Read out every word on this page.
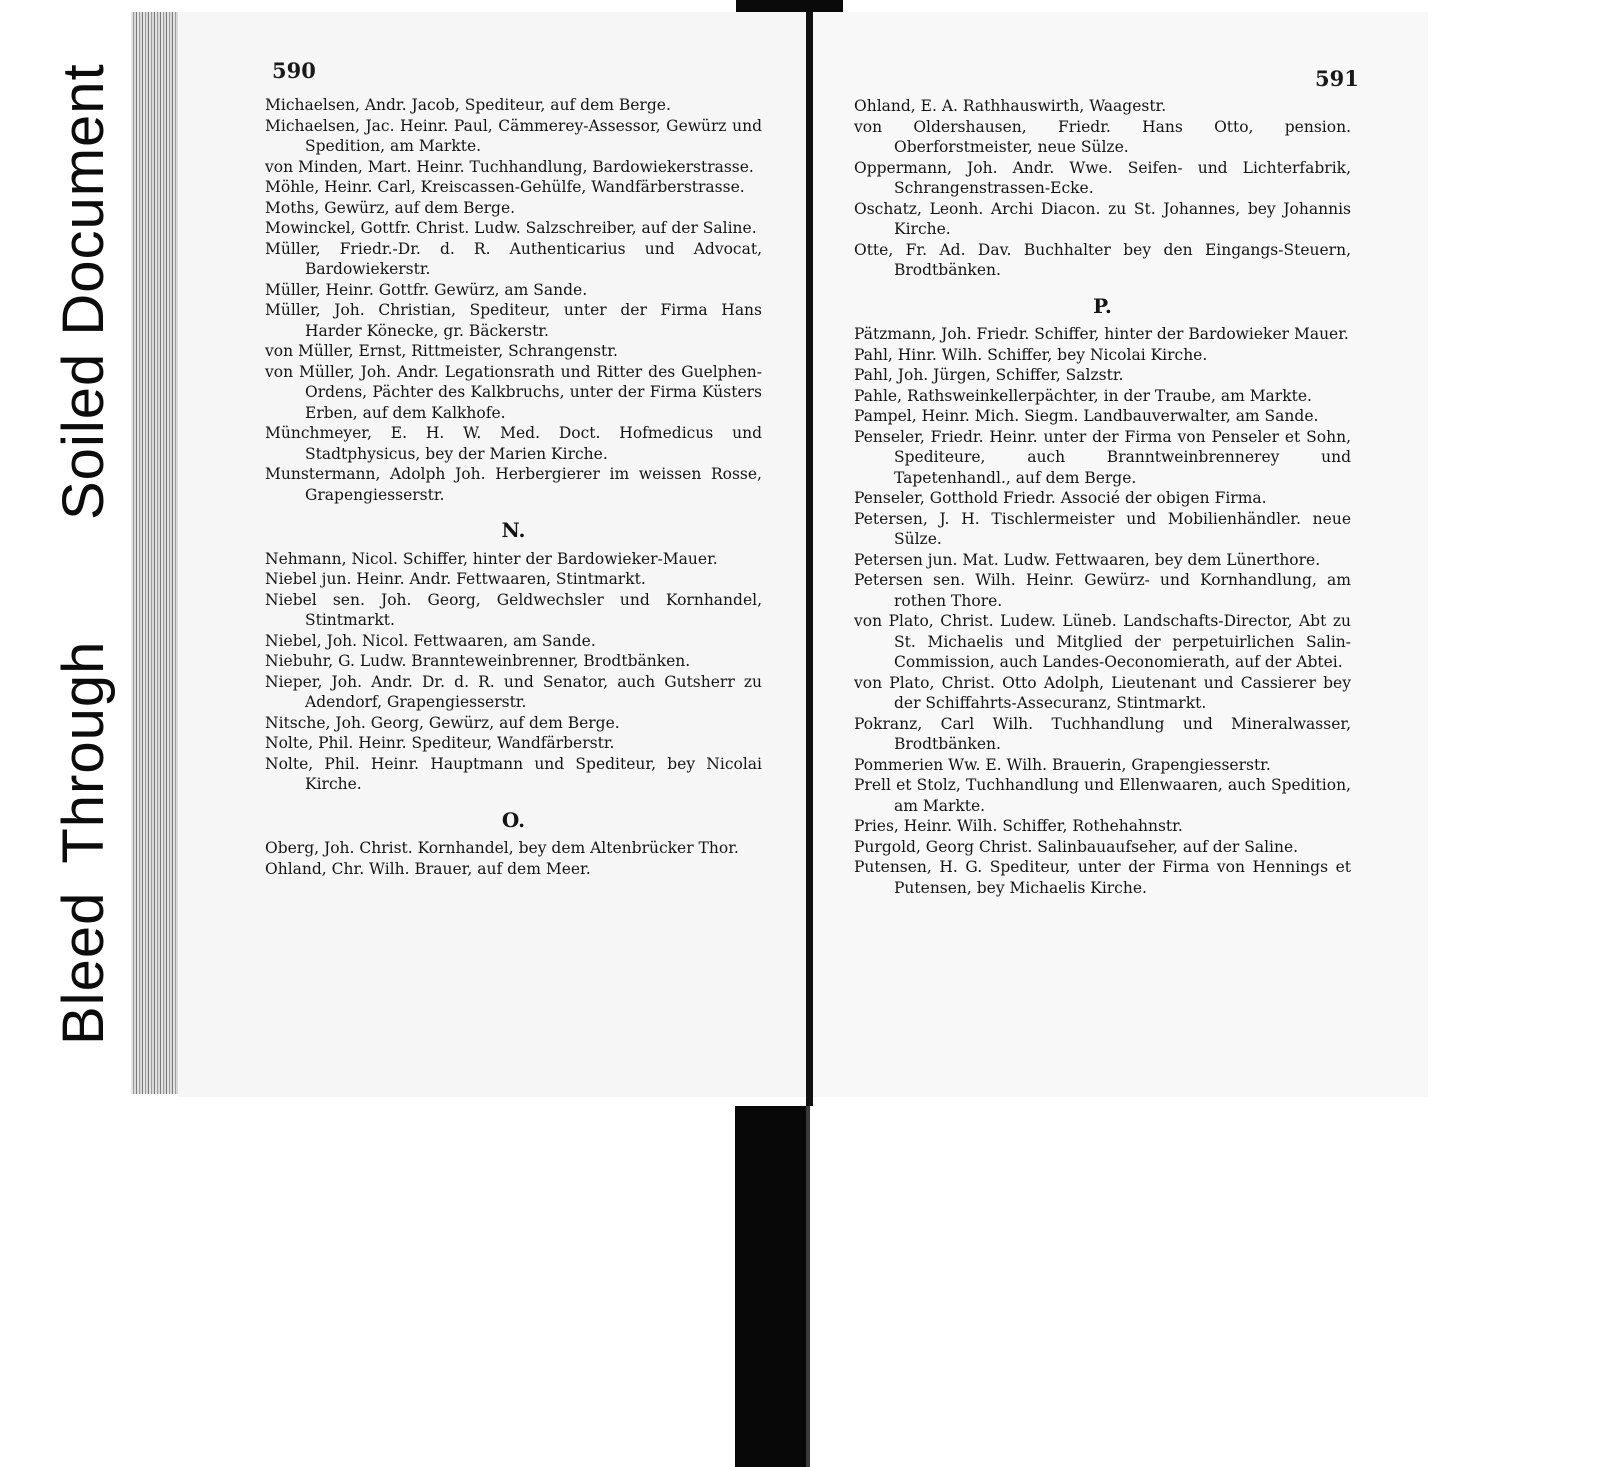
BleedThrough
Soiled Document	590	591

Michaelsen, Andr. Jacob, Spediteur, auf dem Berge.

Michaelsen, Jac. Heinr. Paul, Cämmerey-Assessor, Gewürz und Spedition, am Markte.

von Minden, Mart. Heinr. Tuchhandlung, Bardowiekerstrasse.

Möhle, Heinr. Carl, Kreiscassen-Gehülfe, Wandfärberstrasse.

Moths, Gewürz, auf dem Berge.

Mowinckel, Gottfr. Christ. Ludw. Salzschreiber, auf der Saline.

Müller, Friedr.-Dr. d. R. Authenticarius und Advocat, Bardowiekerstr.

Müller, Heinr. Gottfr. Gewürz, am Sande.

Müller, Joh. Christian, Spediteur, unter der Firma Hans Harder Könecke, gr. Bäckerstr.

von Müller, Ernst, Rittmeister, Schrangenstr.

von Müller, Joh. Andr. Legationsrath und Ritter des Guelphen-Ordens, Pächter des Kalkbruchs, unter der Firma Küsters Erben, auf dem Kalkhofe.

Münchmeyer, E. H. W. Med. Doct. Hofmedicus und Stadtphysicus, bey der Marien Kirche.

Munstermann, Adolph Joh. Herbergierer im weissen Rosse, Grapengiesserstr.

N.

Nehmann, Nicol. Schiffer, hinter der Bardowieker-Mauer.

Niebel jun. Heinr. Andr. Fettwaaren, Stintmarkt.

Niebel sen. Joh. Georg, Geldwechsler und Kornhandel, Stintmarkt.

Niebel, Joh. Nicol. Fettwaaren, am Sande.

Niebuhr, G. Ludw. Brannteweinbrenner, Brodtbänken.

Nieper, Joh. Andr. Dr. d. R. und Senator, auch Gutsherr zu Adendorf, Grapengiesserstr.

Nitsche, Joh. Georg, Gewürz, auf dem Berge.

Nolte, Phil. Heinr. Spediteur, Wandfärberstr.

Nolte, Phil. Heinr. Hauptmann und Spediteur, bey Nicolai Kirche.

O.

Oberg, Joh. Christ. Kornhandel, bey dem Altenbrücker Thor.

Ohland, Chr. Wilh. Brauer, auf dem Meer.

Ohland, E. A. Rathhauswirth, Waagestr.

von Oldershausen, Friedr. Hans Otto, pension. Oberforstmeister, neue Sülze.

Oppermann, Joh. Andr. Wwe. Seifen- und Lichterfabrik, Schrangenstrassen-Ecke.

Oschatz, Leonh. Archi Diacon. zu St. Johannes, bey Johannis Kirche.

Otte, Fr. Ad. Dav. Buchhalter bey den Eingangs-Steuern, Brodtbänken.

P.

Pätzmann, Joh. Friedr. Schiffer, hinter der Bardowieker Mauer.

Pahl, Hinr. Wilh. Schiffer, bey Nicolai Kirche.

Pahl, Joh. Jürgen, Schiffer, Salzstr.

Pahle, Rathsweinkellerpächter, in der Traube, am Markte.

Pampel, Heinr. Mich. Siegm. Landbauverwalter, am Sande.

Penseler, Friedr. Heinr. unter der Firma von Penseler et Sohn, Spediteure, auch Branntweinbrennerey und Tapetenhandl., auf dem Berge.

Penseler, Gotthold Friedr. Associé der obigen Firma.

Petersen, J. H. Tischlermeister und Mobilienhändler. neue Sülze.

Petersen jun. Mat. Ludw. Fettwaaren, bey dem Lünerthore.

Petersen sen. Wilh. Heinr. Gewürz- und Kornhandlung, am rothen Thore.

von Plato, Christ. Ludew. Lüneb. Landschafts-Director, Abt zu St. Michaelis und Mitglied der perpetuirlichen Salin-Commission, auch Landes-Oeconomierath, auf der Abtei.

von Plato, Christ. Otto Adolph, Lieutenant und Cassierer bey der Schiffahrts-Assecuranz, Stintmarkt.

Pokranz, Carl Wilh. Tuchhandlung und Mineralwasser, Brodtbänken.

Pommerien Ww. E. Wilh. Brauerin, Grapengiesserstr.

Prell et Stolz, Tuchhandlung und Ellenwaaren, auch Spedition, am Markte.

Pries, Heinr. Wilh. Schiffer, Rothehahnstr.

Purgold, Georg Christ. Salinbauaufseher, auf der Saline.

Putensen, H. G. Spediteur, unter der Firma von Hennings et Putensen, bey Michaelis Kirche.
